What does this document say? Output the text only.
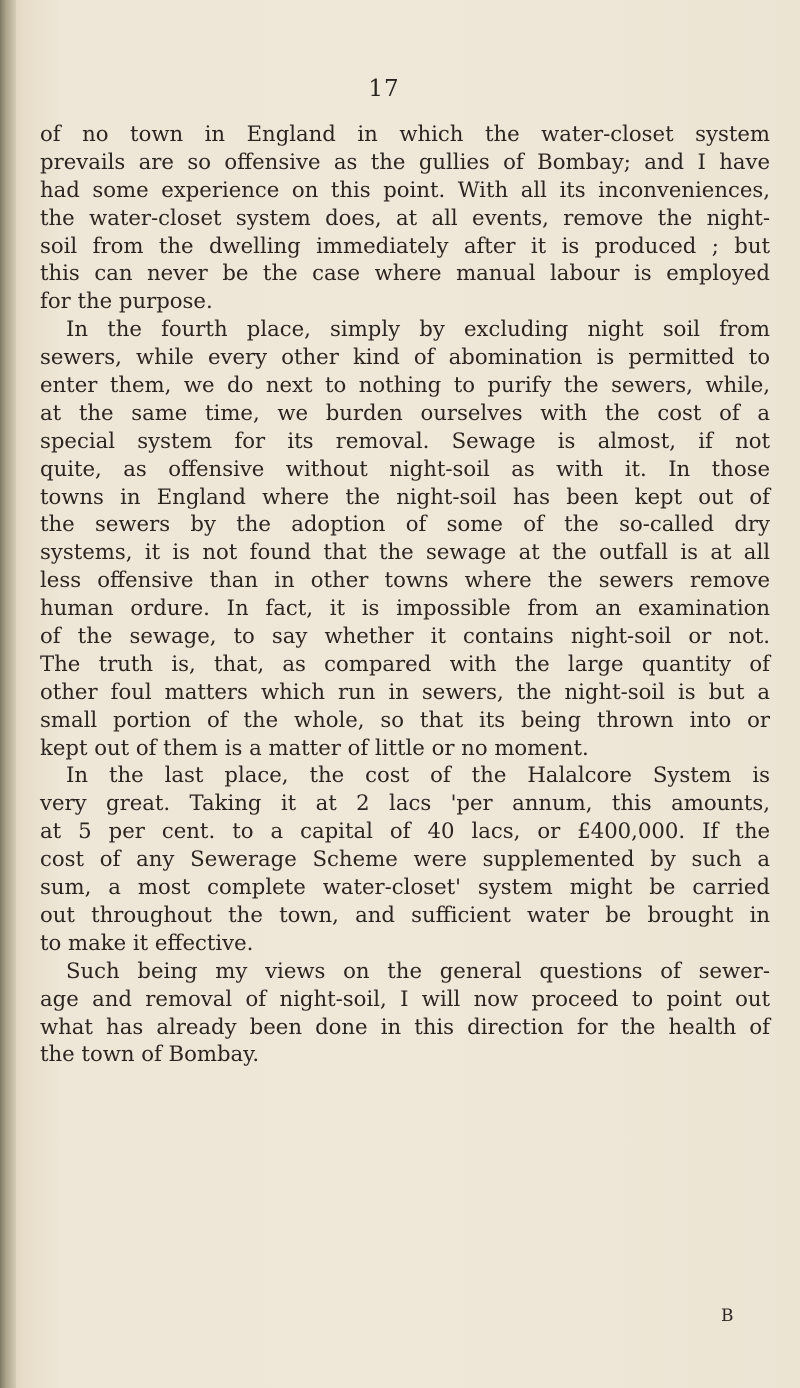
17
of no town in England in which the water-closet system
prevails are so offensive as the gullies of Bombay; and I have
had some experience on this point. With all its inconveniences,
the water-closet system does, at all events, remove the night-
soil from the dwelling immediately after it is produced ; but
this can never be the case where manual labour is employed
for the purpose.
In the fourth place, simply by excluding night soil from
sewers, while every other kind of abomination is permitted to
enter them, we do next to nothing to purify the sewers, while,
at the same time, we burden ourselves with the cost of a
special system for its removal. Sewage is almost, if not
quite, as offensive without night-soil as with it. In those
towns in England where the night-soil has been kept out of
the sewers by the adoption of some of the so-called dry
systems, it is not found that the sewage at the outfall is at all
less offensive than in other towns where the sewers remove
human ordure. In fact, it is impossible from an examination
of the sewage, to say whether it contains night-soil or not.
The truth is, that, as compared with the large quantity of
other foul matters which run in sewers, the night-soil is but a
small portion of the whole, so that its being thrown into or
kept out of them is a matter of little or no moment.
In the last place, the cost of the Halalcore System is
very great. Taking it at 2 lacs 'per annum, this amounts,
at 5 per cent. to a capital of 40 lacs, or £400,000. If the
cost of any Sewerage Scheme were supplemented by such a
sum, a most complete water-closet' system might be carried
out throughout the town, and sufficient water be brought in
to make it effective.
Such being my views on the general questions of sewer-
age and removal of night-soil, I will now proceed to point out
what has already been done in this direction for the health of
the town of Bombay.
B
